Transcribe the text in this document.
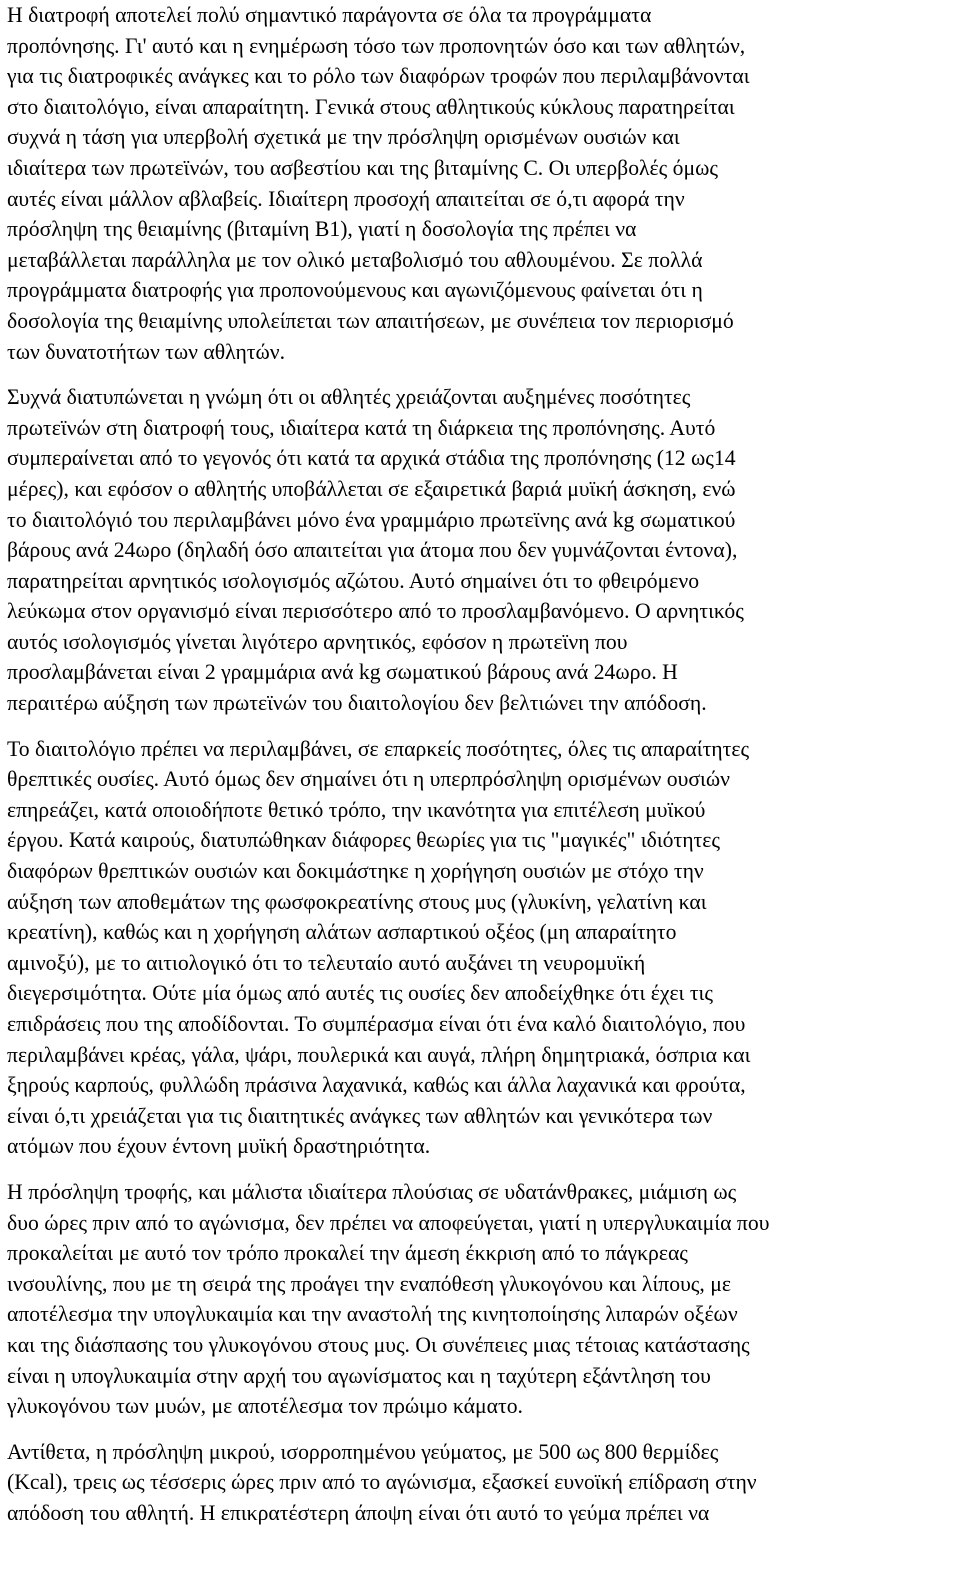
Η διατροφή αποτελεί πολύ σημαντικό παράγοντα σε όλα τα προγράμματα
προπόνησης. Γι' αυτό και η ενημέρωση τόσο των προπονητών όσο και των αθλητών,
για τις διατροφικές ανάγκες και το ρόλο των διαφόρων τροφών που περιλαμβάνονται
στο διαιτολόγιο, είναι απαραίτητη. Γενικά στους αθλητικούς κύκλους παρατηρείται
συχνά η τάση για υπερβολή σχετικά με την πρόσληψη ορισμένων ουσιών και
ιδιαίτερα των πρωτεϊνών, του ασβεστίου και της βιταμίνης C. Οι υπερβολές όμως
αυτές είναι μάλλον αβλαβείς. Ιδιαίτερη προσοχή απαιτείται σε ό,τι αφορά την
πρόσληψη της θειαμίνης (βιταμίνη B1), γιατί η δοσολογία της πρέπει να
μεταβάλλεται παράλληλα με τον ολικό μεταβολισμό του αθλουμένου. Σε πολλά
προγράμματα διατροφής για προπονούμενους και αγωνιζόμενους φαίνεται ότι η
δοσολογία της θειαμίνης υπολείπεται των απαιτήσεων, με συνέπεια τον περιορισμό
των δυνατοτήτων των αθλητών.
Συχνά διατυπώνεται η γνώμη ότι οι αθλητές χρειάζονται αυξημένες ποσότητες
πρωτεϊνών στη διατροφή τους, ιδιαίτερα κατά τη διάρκεια της προπόνησης. Αυτό
συμπεραίνεται από το γεγονός ότι κατά τα αρχικά στάδια της προπόνησης (12 ως14
μέρες), και εφόσον ο αθλητής υποβάλλεται σε εξαιρετικά βαριά μυϊκή άσκηση, ενώ
το διαιτολόγιό του περιλαμβάνει μόνο ένα γραμμάριο πρωτεϊνης ανά kg σωματικού
βάρους ανά 24ωρο (δηλαδή όσο απαιτείται για άτομα που δεν γυμνάζονται έντονα),
παρατηρείται αρνητικός ισολογισμός αζώτου. Αυτό σημαίνει ότι το φθειρόμενο
λεύκωμα στον οργανισμό είναι περισσότερο από το προσλαμβανόμενο. Ο αρνητικός
αυτός ισολογισμός γίνεται λιγότερο αρνητικός, εφόσον η πρωτεϊνη που
προσλαμβάνεται είναι 2 γραμμάρια ανά kg σωματικού βάρους ανά 24ωρο. Η
περαιτέρω αύξηση των πρωτεϊνών του διαιτολογίου δεν βελτιώνει την απόδοση.
Το διαιτολόγιο πρέπει να περιλαμβάνει, σε επαρκείς ποσότητες, όλες τις απαραίτητες
θρεπτικές ουσίες. Αυτό όμως δεν σημαίνει ότι η υπερπρόσληψη ορισμένων ουσιών
επηρεάζει, κατά οποιοδήποτε θετικό τρόπο, την ικανότητα για επιτέλεση μυϊκού
έργου. Κατά καιρούς, διατυπώθηκαν διάφορες θεωρίες για τις "μαγικές" ιδιότητες
διαφόρων θρεπτικών ουσιών και δοκιμάστηκε η χορήγηση ουσιών με στόχο την
αύξηση των αποθεμάτων της φωσφοκρεατίνης στους μυς (γλυκίνη, γελατίνη και
κρεατίνη), καθώς και η χορήγηση αλάτων ασπαρτικού οξέος (μη απαραίτητο
αμινοξύ), με το αιτιολογικό ότι το τελευταίο αυτό αυξάνει τη νευρομυϊκή
διεγερσιμότητα. Ούτε μία όμως από αυτές τις ουσίες δεν αποδείχθηκε ότι έχει τις
επιδράσεις που της αποδίδονται. Το συμπέρασμα είναι ότι ένα καλό διαιτολόγιο, που
περιλαμβάνει κρέας, γάλα, ψάρι, πουλερικά και αυγά, πλήρη δημητριακά, όσπρια και
ξηρούς καρπούς, φυλλώδη πράσινα λαχανικά, καθώς και άλλα λαχανικά και φρούτα,
είναι ό,τι χρειάζεται για τις διαιτητικές ανάγκες των αθλητών και γενικότερα των
ατόμων που έχουν έντονη μυϊκή δραστηριότητα.
Η πρόσληψη τροφής, και μάλιστα ιδιαίτερα πλούσιας σε υδατάνθρακες, μιάμιση ως
δυο ώρες πριν από το αγώνισμα, δεν πρέπει να αποφεύγεται, γιατί η υπεργλυκαιμία που
προκαλείται με αυτό τον τρόπο προκαλεί την άμεση έκκριση από το πάγκρεας
ινσουλίνης, που με τη σειρά της προάγει την εναπόθεση γλυκογόνου και λίπους, με
αποτέλεσμα την υπογλυκαιμία και την αναστολή της κινητοποίησης λιπαρών οξέων
και της διάσπασης του γλυκογόνου στους μυς. Οι συνέπειες μιας τέτοιας κατάστασης
είναι η υπογλυκαιμία στην αρχή του αγωνίσματος και η ταχύτερη εξάντληση του
γλυκογόνου των μυών, με αποτέλεσμα τον πρώιμο κάματο.
Αντίθετα, η πρόσληψη μικρού, ισορροπημένου γεύματος, με 500 ως 800 θερμίδες
(Kcal), τρεις ως τέσσερις ώρες πριν από το αγώνισμα, εξασκεί ευνοϊκή επίδραση στην
απόδοση του αθλητή. Η επικρατέστερη άποψη είναι ότι αυτό το γεύμα πρέπει να
